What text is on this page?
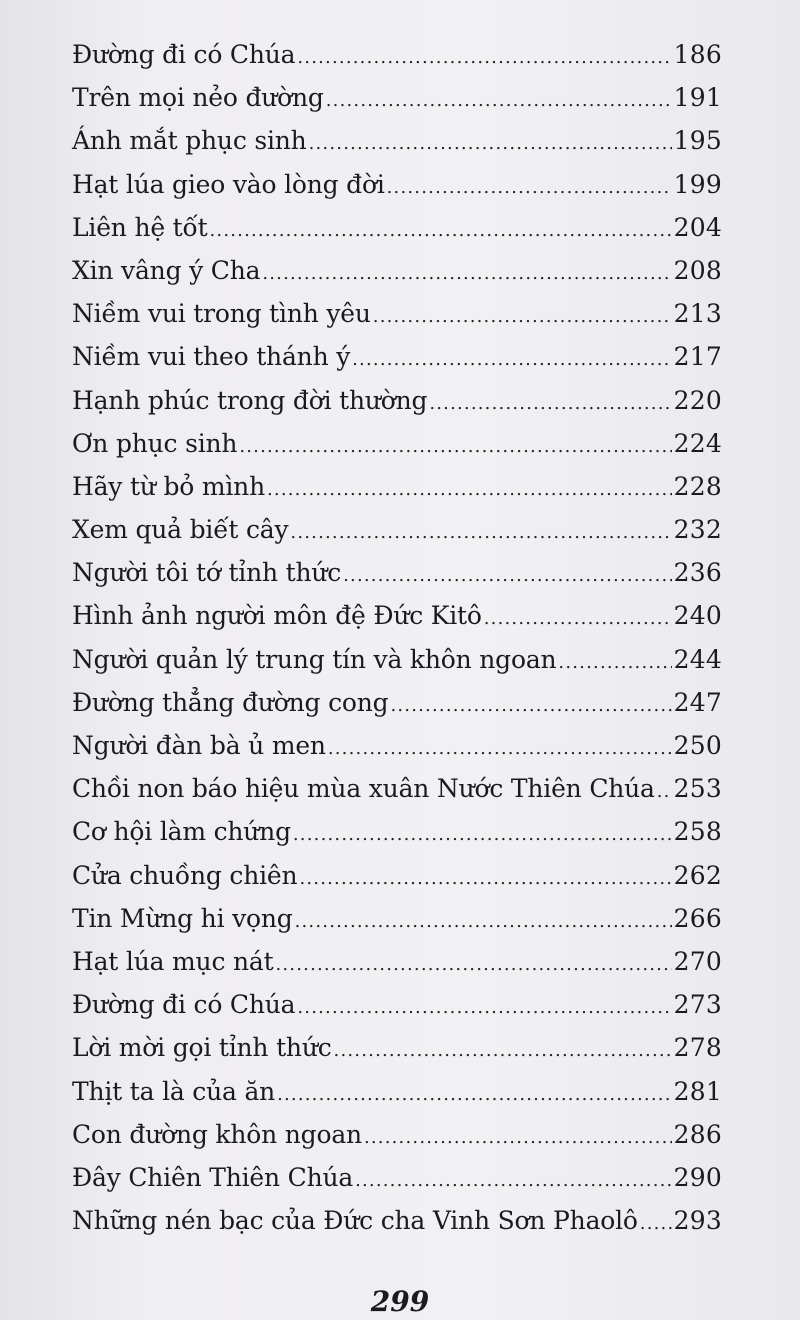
Đường đi có Chúa .....	186
Trên mọi nẻo đường .....	191
Ánh mắt phục sinh .....	195
Hạt lúa gieo vào lòng đời .....	199
Liên hệ tốt .....	204
Xin vâng ý Cha .....	208
Niềm vui trong tình yêu .....	213
Niềm vui theo thánh ý .....	217
Hạnh phúc trong đời thường .....	220
Ơn phục sinh .....	224
Hãy từ bỏ mình .....	228
Xem quả biết cây .....	232
Người tôi tớ tỉnh thức .....	236
Hình ảnh người môn đệ Đức Kitô .....	240
Người quản lý trung tín và khôn ngoan .....	244
Đường thẳng đường cong .....	247
Người đàn bà ủ men .....	250
Chồi non báo hiệu mùa xuân Nước Thiên Chúa ..... 253
Cơ hội làm chứng .....	258
Cửa chuồng chiên .....	262
Tin Mừng hi vọng .....	266
Hạt lúa mục nát .....	270
Đường đi có Chúa .....	273
Lời mời gọi tỉnh thức .....	278
Thịt ta là của ăn .....	281
Con đường khôn ngoan .....	286
Đây Chiên Thiên Chúa .....	290
Những nén bạc của Đức cha Vinh Sơn Phaolô ..... 293
299
